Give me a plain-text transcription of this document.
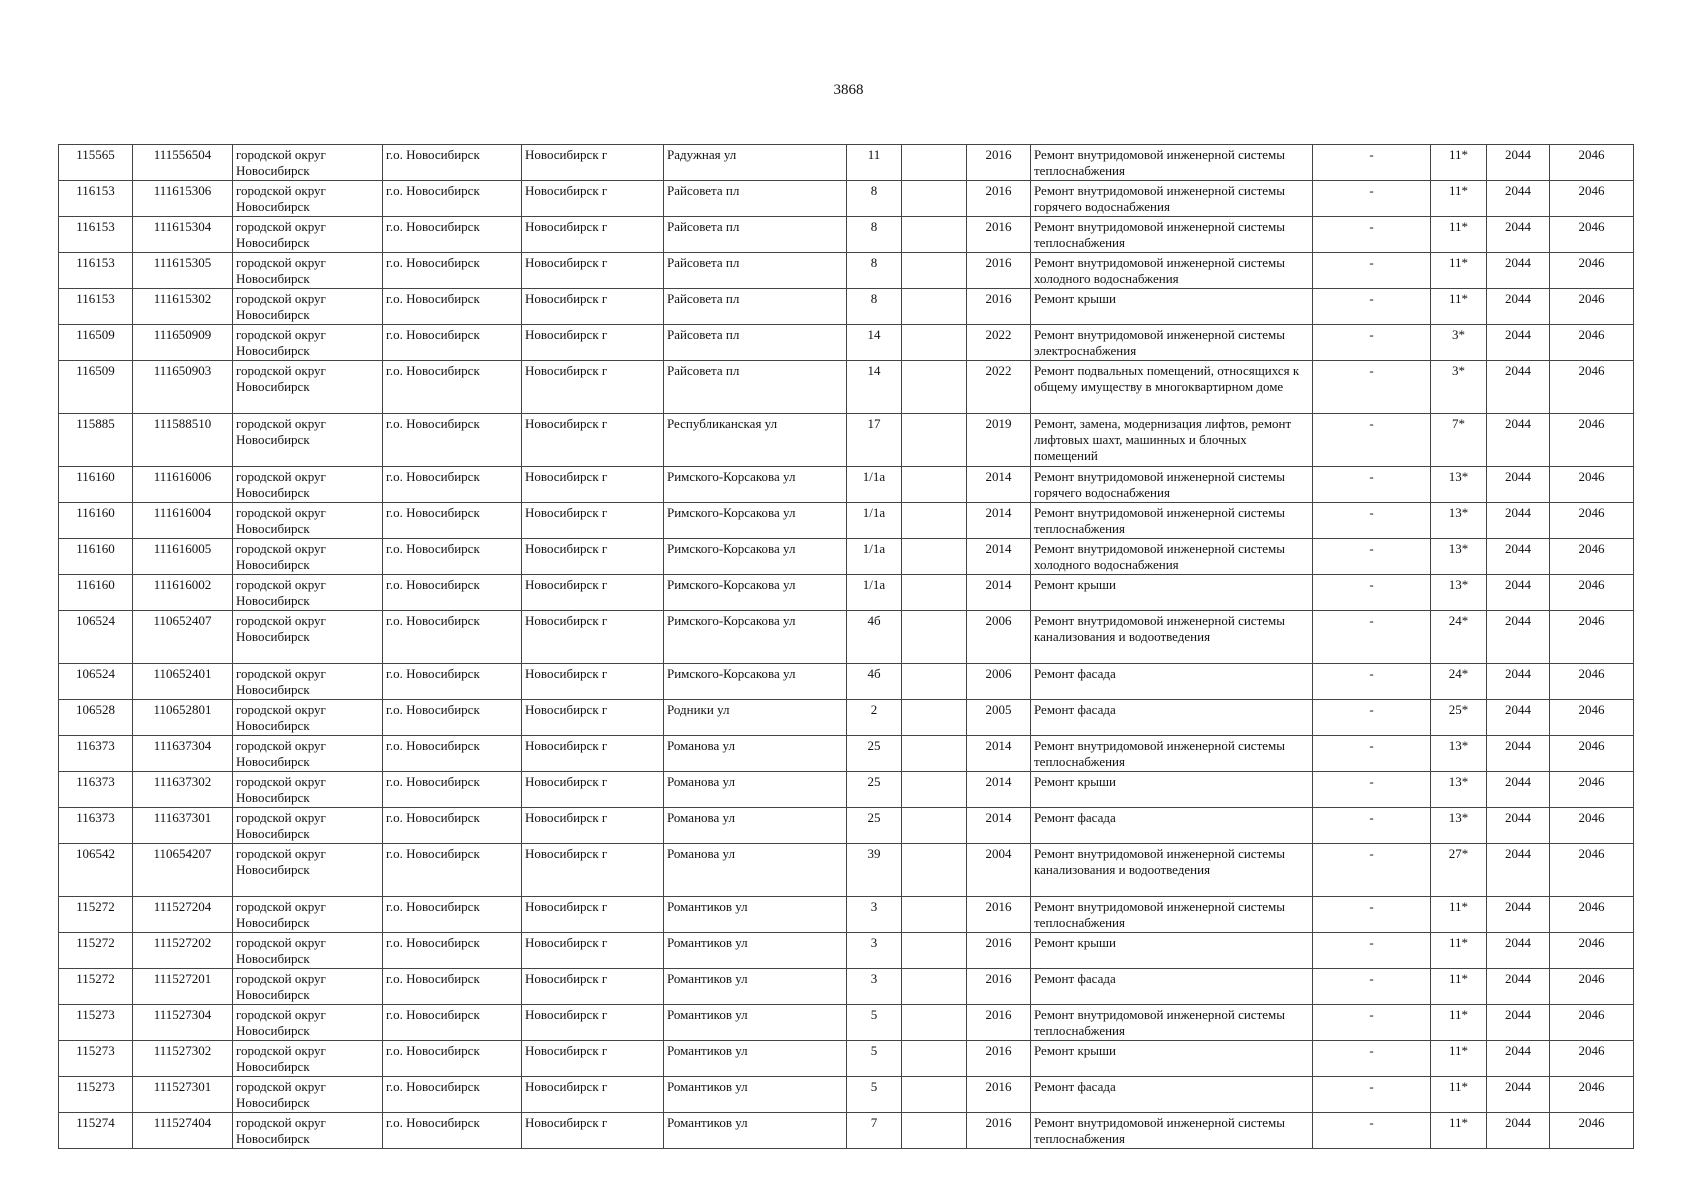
3868
115565	111556504	городской округ Новосибирск	г.о. Новосибирск	Новосибирск г	Радужная ул	11		2016	Ремонт внутридомовой инженерной системы теплоснабжения	-	11*	2044	2046
116153	111615306	городской округ Новосибирск	г.о. Новосибирск	Новосибирск г	Райсовета пл	8		2016	Ремонт внутридомовой инженерной системы горячего водоснабжения	-	11*	2044	2046
116153	111615304	городской округ Новосибирск	г.о. Новосибирск	Новосибирск г	Райсовета пл	8		2016	Ремонт внутридомовой инженерной системы теплоснабжения	-	11*	2044	2046
116153	111615305	городской округ Новосибирск	г.о. Новосибирск	Новосибирск г	Райсовета пл	8		2016	Ремонт внутридомовой инженерной системы холодного водоснабжения	-	11*	2044	2046
116153	111615302	городской округ Новосибирск	г.о. Новосибирск	Новосибирск г	Райсовета пл	8		2016	Ремонт крыши	-	11*	2044	2046
116509	111650909	городской округ Новосибирск	г.о. Новосибирск	Новосибирск г	Райсовета пл	14		2022	Ремонт внутридомовой инженерной системы электроснабжения	-	3*	2044	2046
116509	111650903	городской округ Новосибирск	г.о. Новосибирск	Новосибирск г	Райсовета пл	14		2022	Ремонт подвальных помещений, относящихся к общему имуществу в многоквартирном доме	-	3*	2044	2046
115885	111588510	городской округ Новосибирск	г.о. Новосибирск	Новосибирск г	Республиканская ул	17		2019	Ремонт, замена, модернизация лифтов, ремонт лифтовых шахт, машинных и блочных помещений	-	7*	2044	2046
116160	111616006	городской округ Новосибирск	г.о. Новосибирск	Новосибирск г	Римского-Корсакова ул	1/1а		2014	Ремонт внутридомовой инженерной системы горячего водоснабжения	-	13*	2044	2046
116160	111616004	городской округ Новосибирск	г.о. Новосибирск	Новосибирск г	Римского-Корсакова ул	1/1а		2014	Ремонт внутридомовой инженерной системы теплоснабжения	-	13*	2044	2046
116160	111616005	городской округ Новосибирск	г.о. Новосибирск	Новосибирск г	Римского-Корсакова ул	1/1а		2014	Ремонт внутридомовой инженерной системы холодного водоснабжения	-	13*	2044	2046
116160	111616002	городской округ Новосибирск	г.о. Новосибирск	Новосибирск г	Римского-Корсакова ул	1/1а		2014	Ремонт крыши	-	13*	2044	2046
106524	110652407	городской округ Новосибирск	г.о. Новосибирск	Новосибирск г	Римского-Корсакова ул	4б		2006	Ремонт внутридомовой инженерной системы канализования и водоотведения	-	24*	2044	2046
106524	110652401	городской округ Новосибирск	г.о. Новосибирск	Новосибирск г	Римского-Корсакова ул	4б		2006	Ремонт фасада	-	24*	2044	2046
106528	110652801	городской округ Новосибирск	г.о. Новосибирск	Новосибирск г	Родники ул	2		2005	Ремонт фасада	-	25*	2044	2046
116373	111637304	городской округ Новосибирск	г.о. Новосибирск	Новосибирск г	Романова ул	25		2014	Ремонт внутридомовой инженерной системы теплоснабжения	-	13*	2044	2046
116373	111637302	городской округ Новосибирск	г.о. Новосибирск	Новосибирск г	Романова ул	25		2014	Ремонт крыши	-	13*	2044	2046
116373	111637301	городской округ Новосибирск	г.о. Новосибирск	Новосибирск г	Романова ул	25		2014	Ремонт фасада	-	13*	2044	2046
106542	110654207	городской округ Новосибирск	г.о. Новосибирск	Новосибирск г	Романова ул	39		2004	Ремонт внутридомовой инженерной системы канализования и водоотведения	-	27*	2044	2046
115272	111527204	городской округ Новосибирск	г.о. Новосибирск	Новосибирск г	Романтиков ул	3		2016	Ремонт внутридомовой инженерной системы теплоснабжения	-	11*	2044	2046
115272	111527202	городской округ Новосибирск	г.о. Новосибирск	Новосибирск г	Романтиков ул	3		2016	Ремонт крыши	-	11*	2044	2046
115272	111527201	городской округ Новосибирск	г.о. Новосибирск	Новосибирск г	Романтиков ул	3		2016	Ремонт фасада	-	11*	2044	2046
115273	111527304	городской округ Новосибирск	г.о. Новосибирск	Новосибирск г	Романтиков ул	5		2016	Ремонт внутридомовой инженерной системы теплоснабжения	-	11*	2044	2046
115273	111527302	городской округ Новосибирск	г.о. Новосибирск	Новосибирск г	Романтиков ул	5		2016	Ремонт крыши	-	11*	2044	2046
115273	111527301	городской округ Новосибирск	г.о. Новосибирск	Новосибирск г	Романтиков ул	5		2016	Ремонт фасада	-	11*	2044	2046
115274	111527404	городской округ Новосибирск	г.о. Новосибирск	Новосибирск г	Романтиков ул	7		2016	Ремонт внутридомовой инженерной системы теплоснабжения	-	11*	2044	2046
